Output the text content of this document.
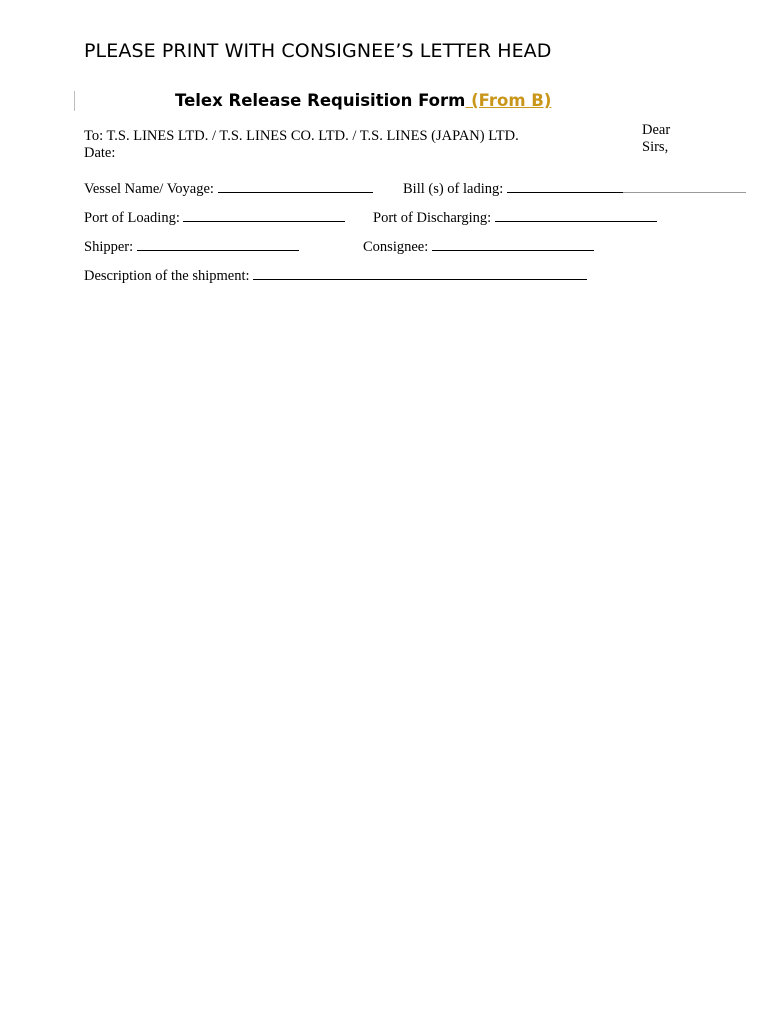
PLEASE PRINT WITH CONSIGNEE’S LETTER HEAD
Telex Release Requisition Form (From B)
To: T.S. LINES LTD. / T.S. LINES CO. LTD. / T.S. LINES (JAPAN) LTD.
Date:
Dear
Sirs,
Vessel Name/ Voyage:	Bill (s) of lading:
Port of Loading:	Port of Discharging:
Shipper:	Consignee:
Description of the shipment:
